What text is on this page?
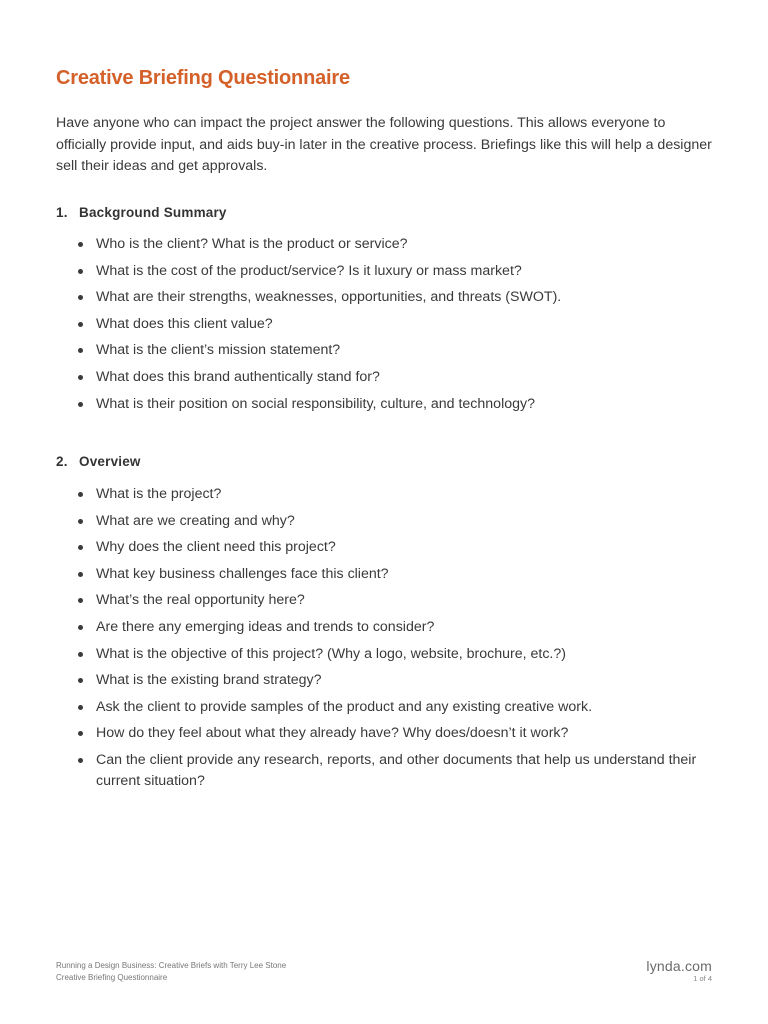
Creative Briefing Questionnaire

Have anyone who can impact the project answer the following questions. This allows everyone to officially provide input, and aids buy-in later in the creative process. Briefings like this will help a designer sell their ideas and get approvals.

1. Background Summary
Who is the client? What is the product or service?
What is the cost of the product/service? Is it luxury or mass market?
What are their strengths, weaknesses, opportunities, and threats (SWOT).
What does this client value?
What is the client’s mission statement?
What does this brand authentically stand for?
What is their position on social responsibility, culture, and technology?
2. Overview
What is the project?
What are we creating and why?
Why does the client need this project?
What key business challenges face this client?
What’s the real opportunity here?
Are there any emerging ideas and trends to consider?
What is the objective of this project? (Why a logo, website, brochure, etc.?)
What is the existing brand strategy?
Ask the client to provide samples of the product and any existing creative work.
How do they feel about what they already have? Why does/doesn’t it work?
Can the client provide any research, reports, and other documents that help us understand their current situation?
Running a Design Business: Creative Briefs with Terry Lee Stone
Creative Briefing Questionnaire
lynda.com
1 of 4
